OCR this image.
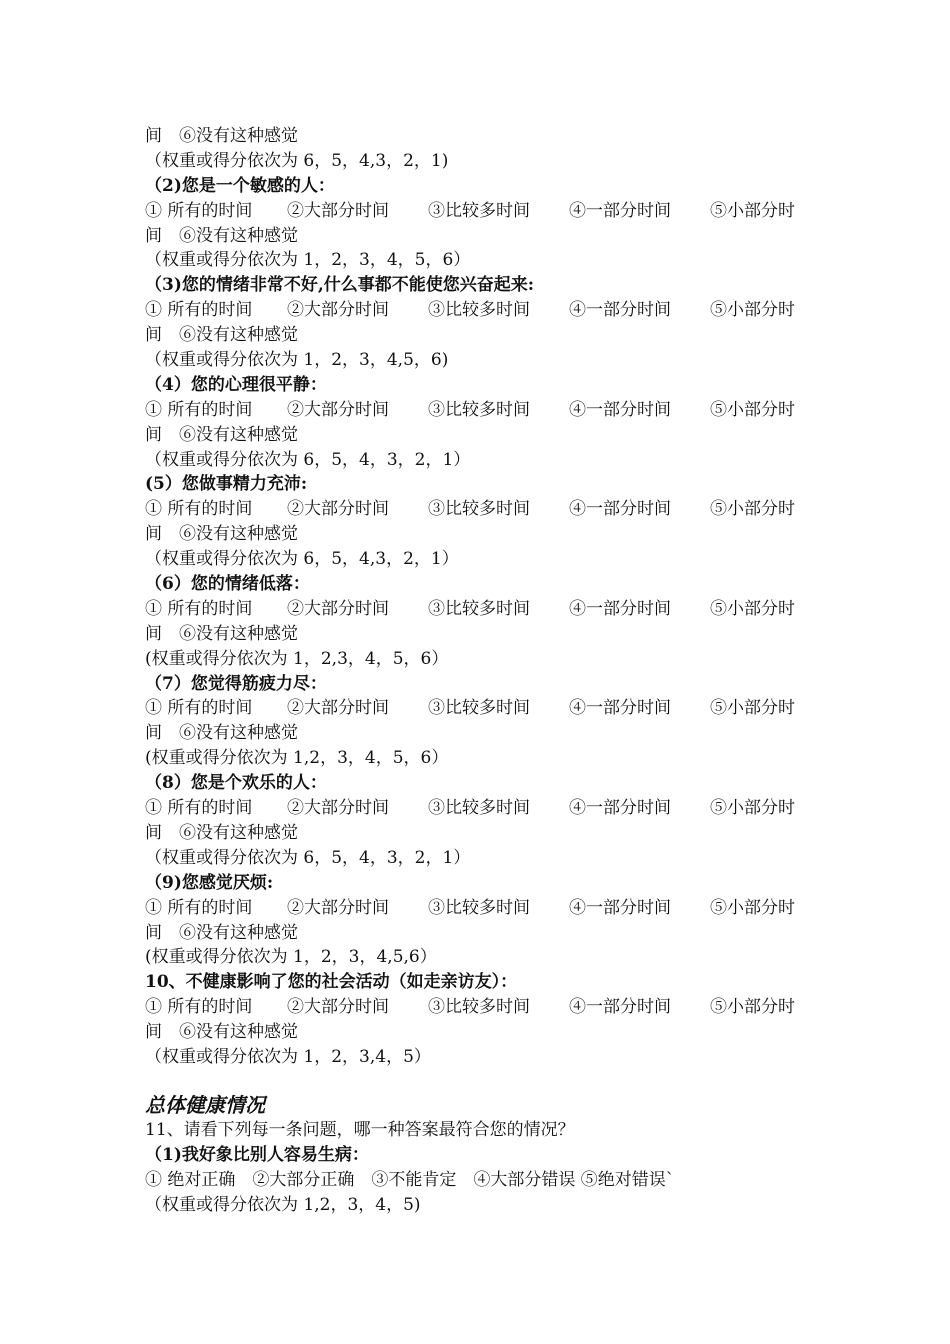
间　⑥没有这种感觉
（权重或得分依次为 6，5，4,3，2，1)
（2)您是一个敏感的人：
① 所有的时间 ②大部分时间 ③比较多时间 ④一部分时间 ⑤小部分时
间　⑥没有这种感觉
（权重或得分依次为 1，2，3，4，5，6）
（3)您的情绪非常不好,什么事都不能使您兴奋起来:
① 所有的时间 ②大部分时间 ③比较多时间 ④一部分时间 ⑤小部分时
间　⑥没有这种感觉
（权重或得分依次为 1，2，3，4,5，6)
（4）您的心理很平静：
① 所有的时间 ②大部分时间 ③比较多时间 ④一部分时间 ⑤小部分时
间　⑥没有这种感觉
（权重或得分依次为 6，5，4，3，2，1）
(5）您做事精力充沛:
① 所有的时间 ②大部分时间 ③比较多时间 ④一部分时间 ⑤小部分时
间　⑥没有这种感觉
（权重或得分依次为 6，5，4,3，2，1）
（6）您的情绪低落：
① 所有的时间 ②大部分时间 ③比较多时间 ④一部分时间 ⑤小部分时
间　⑥没有这种感觉
(权重或得分依次为 1，2,3，4，5，6）
（7）您觉得筋疲力尽：
① 所有的时间 ②大部分时间 ③比较多时间 ④一部分时间 ⑤小部分时
间　⑥没有这种感觉
(权重或得分依次为 1,2，3，4，5，6）
（8）您是个欢乐的人：
① 所有的时间 ②大部分时间 ③比较多时间 ④一部分时间 ⑤小部分时
间　⑥没有这种感觉
（权重或得分依次为 6，5，4，3，2，1）
（9)您感觉厌烦:
① 所有的时间 ②大部分时间 ③比较多时间 ④一部分时间 ⑤小部分时
间　⑥没有这种感觉
(权重或得分依次为 1，2，3，4,5,6）
10、不健康影响了您的社会活动（如走亲访友）：
① 所有的时间 ②大部分时间 ③比较多时间 ④一部分时间 ⑤小部分时
间　⑥没有这种感觉
（权重或得分依次为 1，2，3,4，5）
总体健康情况
11、请看下列每一条问题，哪一种答案最符合您的情况？
（1)我好象比别人容易生病：
① 绝对正确　②大部分正确　③不能肯定　④大部分错误 ⑤绝对错误`
（权重或得分依次为 1,2，3，4，5)
